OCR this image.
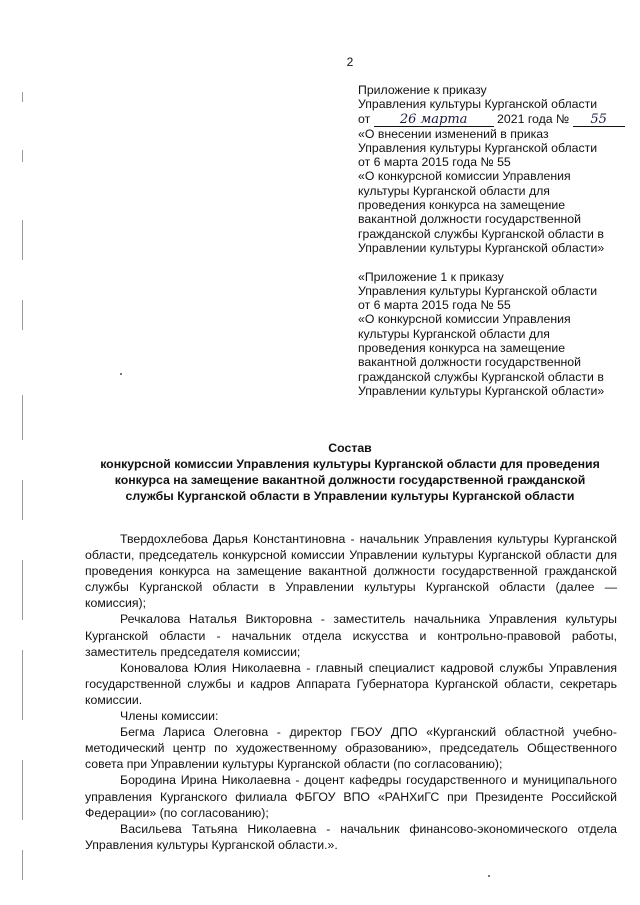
2
Приложение к приказу
Управления культуры Курганской области
от 26 марта 2021 года № 55
«О внесении изменений в приказ
Управления культуры Курганской области
от 6 марта 2015 года № 55
«О конкурсной комиссии Управления
культуры Курганской области для
проведения конкурса на замещение
вакантной должности государственной
гражданской службы Курганской области в
Управлении культуры Курганской области»
«Приложение 1 к приказу
Управления культуры Курганской области
от 6 марта 2015 года № 55
«О конкурсной комиссии Управления
культуры Курганской области для
проведения конкурса на замещение
вакантной должности государственной
гражданской службы Курганской области в
Управлении культуры Курганской области»
Состав
конкурсной комиссии Управления культуры Курганской области для проведения
конкурса на замещение вакантной должности государственной гражданской
службы Курганской области в Управлении культуры Курганской области

Твердохлебова Дарья Константиновна - начальник Управления культуры Курганской области, председатель конкурсной комиссии Управлении культуры Курганской области для проведения конкурса на замещение вакантной должности государственной гражданской службы Курганской области в Управлении культуры Курганской области (далее — комиссия);

Речкалова Наталья Викторовна - заместитель начальника Управления культуры Курганской области - начальник отдела искусства и контрольно-правовой работы, заместитель председателя комиссии;

Коновалова Юлия Николаевна - главный специалист кадровой службы Управления государственной службы и кадров Аппарата Губернатора Курганской области, секретарь комиссии.

Члены комиссии:

Бегма Лариса Олеговна - директор ГБОУ ДПО «Курганский областной учебно-методический центр по художественному образованию», председатель Общественного совета при Управлении культуры Курганской области (по согласованию);

Бородина Ирина Николаевна - доцент кафедры государственного и муниципального управления Курганского филиала ФБГОУ ВПО «РАНХиГС при Президенте Российской Федерации» (по согласованию);

Васильева Татьяна Николаевна - начальник финансово-экономического отдела Управления культуры Курганской области.».
